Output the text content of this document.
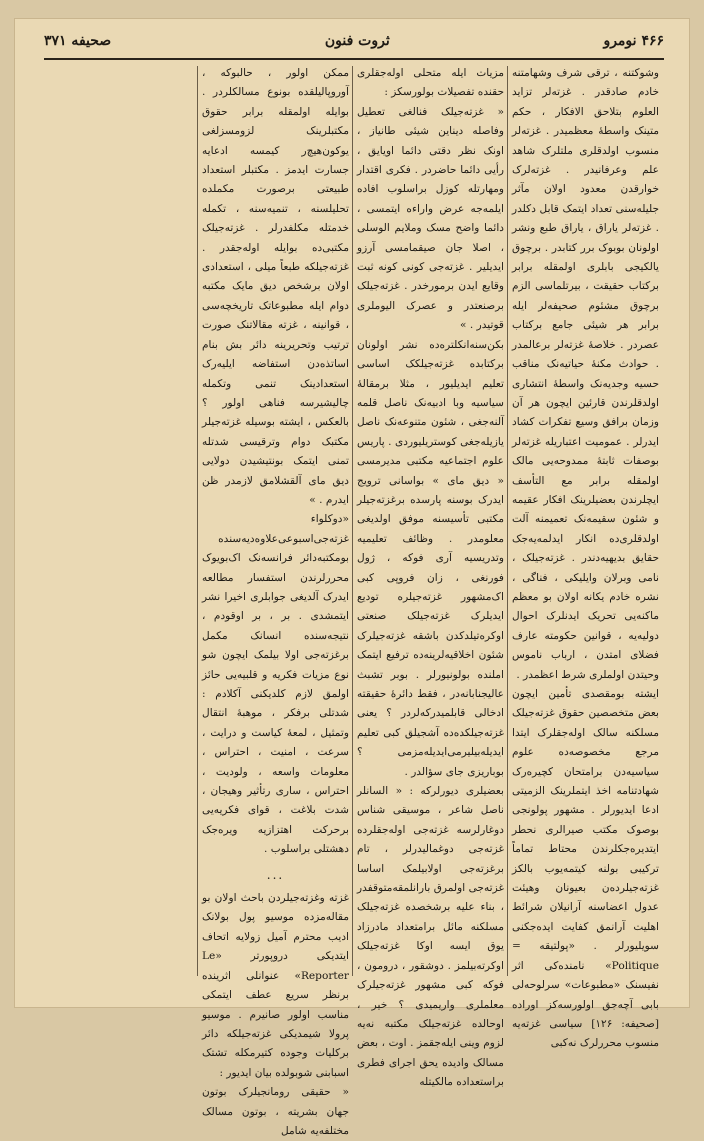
۴۶۶ نومرو
ثروت فنون
صحیفه ۳۷۱

وشوکتنه ، ترقی شرف وشهامتنه خادم صادقدر . غزته‌لر تزاید العلوم بتلاحق الافکار ، حکم متینک واسطهٔ معظمیدر . غزته‌لر منسوب اولدقلری ملتلرک شاهد علم وعرفانیدر . غزته‌لرک خوارقدن معدود اولان مآثر جلیله‌سنی تعداد ایتمک قابل دکلدر . غزته‌لر یاراق ، یاراق طبع ونشر اولونان بوبوک برر کتابدر . برچوق یالکیجی بابلری اولمقله برابر برکتاب حقیقت ، بیرتلماسی الزم برچوق مشئوم صحیفه‌لر ایله برابر هر شیئی جامع برکتاب عصردر . خلاصهٔ غزته‌لر برعالمدر . حوادث مکنهٔ حیاتیه‌نک مناقب حسیه وجدیه‌نک واسطهٔ انتشاری اولدقلرندن قارئین ایچون هر آن وزمان برافق وسیع تفکرات کشاد ایدرلر . عمومیت اعتباریله غزته‌لر بوصفات ثابتهٔ ممدوحه‌یی مالک اولمقله برابر مع التأسف ایچلرندن بعضیلرینک افکار عقیمه و شئون سقیمه‌نک تعمیمنه آلت اولدقلری‌ده انکار ایدلمه‌یه‌جک حقایق بدیهیه‌دندر . غزته‌جیلک ، نامی وبرلان وایلیکی ، فناگی ، نشره خادم یکانه اولان بو معظم ماکنه‌یی تحریک ایدنلرک احوال دولیه‌یه ، قوانین حکومته عارف فضلای امتدن ، ارباب ناموس وحیتدن اولملری شرط اعظمدر .

ایشته بومقصدی تأمین ایچون بعض متخصصین حقوق غزته‌جیلک مسلکنه سالک اوله‌جقلرک ایتدا مرجع مخصوصه‌ده علوم سیاسیه‌دن برامتحان کچیره‌رک شهادتنامه اخذ ایتملرینک الزمیتی ادعا ایدیورلر . مشهور پولونجی بوصوک مکتب صیرالری نحطر ایتدیره‌جکلرندن محتاط تماماً ترکیبی‌ بولنه کیتمه‌یوب بالکز غزته‌جیلرده‌ن بعیونان وهیئت عدول اعضاسنه آرانیلان شرائط اهلیت آرانمق کفایت ایده‌جکنی سویلیورلر . «پولتیقه = Politique» نامنده‌کی اثر نفیسنک «مطبوعات» سرلوحه‌لی بابی آچه‌جق اولورسه‌کز اوراده [صحیفه: ۱۲۶] سیاسی غزته‌یه منسوب محررلرک نه‌کبی

مزیات ایله متحلی اوله‌جقلری حقنده تفصیلات بولورسکز :

« غزته‌جیلک فنالغی تعطیل وفاصله دیناین شیئی طانیاز ، اونک نظر دقتی دائما اویایق ، رأیی دائما حاضردر . فکری اقتدار ومهارتله کوزل براسلوب افاده ایلمه‌جه عرض واراءه ایتمسی ، دائما واضح مسک وملایم الوسلی ، اصلا جان صیقمامسی آرزو ایدیلیر . غزته‌جی کونی کونه ثبت وقایع ایدن برمورخدر . غزته‌جیلک برصنعتدر و عصرک الیوملری قوتیدر . »

بکن‌سنه‌انکلتره‌ده نشر اولونان برکتابده غزته‌جیلکک اساسی تعلیم ایدیلیور ، مثلا برمقالهٔ سیاسیه وبا ادبیه‌نک ناصل قلمه آلنه‌جغی ، شئون متنوعه‌نک ناصل یازیله‌جغی کوستریلیوردی . پاریس علوم اجتماعیه مکتبی مدیرمسی « دیق مای » بواسانی ترویج ایدرک بوسنه پارسده برغزته‌جیلر مکتبی تأسیسنه موفق اولدیغی معلومدر . وظائف تعلیمیه وتدریسیه آری فوکه ، ژول فورنغی ، زان فروپی کبی اک‌مشهور غزته‌جیلره توديع ايدیلرک غزته‌جیلک صنعتی اوکره‌تیلدکدن باشقه غزته‌جیلرک شئون اخلاقیه‌لرینه‌ده ترفیع ایتمک املنده بولونیورلر . بوبر تشبث عالیجنابانه‌در ، فقط دائرهٔ حقیقته ادخالی قابلمیدرکه‌لردر ؟ یعنی غزته‌جیلکده‌ده آشجیلق کبی تعلیم ایدیله‌بیلیرمی‌ایدیله‌مزمی ؟ بوباریزی جای سؤالدر .

بعضیلری دیورلرکه : « السانلر ناصل شاعر ، موسیقی شناس دوغارلرسه غزته‌جی اوله‌جقلرده غزته‌جی دوغمالیدرلر ، تام برغزته‌جی اولابیلمک اساسا غزته‌جی اولمرق بارانلمقه‌متوقفدر ، بناء علیه برشخصده غزته‌جیلک مسلکنه مائل برامتعداد مادرزاد یوق ایسه اوکا غزته‌جیلک اوکرته‌بیلمز . دوشقور ، درومون ، فوکه کبی مشهور غزته‌جیلرک معلملری واریمیدی ؟ خیر ، اوحالده غزته‌جیلک مکتبه نه‌یه لزوم وینی ایله‌جقمز . اوت ، بعض مسالک وادیده یحق اجرای فطری براستعداده مالکیتله

ممکن اولور ، حالبوکه ، آوروپالیلقده بونوع مسالکلردر . بوایله اولمقله برابر حقوق مکتبلرینک لزومسزلغی یوکون‌هیچ‌ر کیمسه ادعایه جسارت ایدمز . مکتبلر استعداد طبیعتی برصورت مکملده تحلیلسنه ، تنمیه‌سنه ، تکمله خدمتله مکلفدرلر . غزته‌جیلک مکتبی‌ده بوایله اوله‌جقدر . غزته‌جیلکه طبعاً میلی ، استعدادی اولان برشخص دیق مایک مکتبه دوام ایله مطبوعاتک تاریخچه‌سی ، قوانینه ، غزته مقالاتنک صورت ترتیب وتحریرینه دائر بش بنام اساتذه‌دن استفاضه ایلیه‌رک استعدادینک تنمی وتکمله چالیشیرسه فناهی اولور ؟ بالعکس ، ایشته بوسیله غزته‌جیلر مکتبک دوام وترقیسی شدتله تمنی ایتمک بونتیشیدن دولایی دیق مای آلقشلامق لازمدر ظن ایدرم . »

«دوکلواء غزته‌جی‌اسبوعی‌علاوه‌دیه‌سنده بومکتبه‌دائر فرانسه‌نک اک‌بویوک محررلرندن استفسار مطالعه ایدرک آلدیغی جوابلری اخیرا نشر ایتمشدی . بر ، بر اوقودم ، نتیجه‌سنده انسانک مکمل برغزته‌جی اولا بیلمک ایچون شو نوع مزیات فکریه و قلبیه‌یی حائز اولمق لازم کلدیکنی آکلادم : شدتلی برفکر ، موهبهٔ انتقال وتمثیل ، لمعهٔ کیاست و درایت ، سرعت ، امنیت ، احتراس ، معلومات واسعه ، ولودیت ، احتراس ، ساری رتأثیر وهیجان ، شدت بلاغت ، قوای فکریه‌یی برحرکت اهتزازیه ویره‌جک دهشتلی براسلوب .

...

غزته وغزته‌جیلردن باحث اولان بو مقاله‌مزده موسیو پول بولانک ادیب محترم آمیل زولایه اتحاف ایتدیکی دروپورتر «Le Reporter» عنوانلی اثرینده برنظر سریع عطف ایتمکی مناسب اولور صانیرم . موسیو پرولا شیمدیکی غزته‌جیلکه دائر برکلیات وجوده کتیرمکله تشتک اسبابنی شوبولده بیان ایدیور :

« حقیقی رومانجیلرک بوتون جهان بشریته ، بوتون مسالک مختلفه‌یه شامل
